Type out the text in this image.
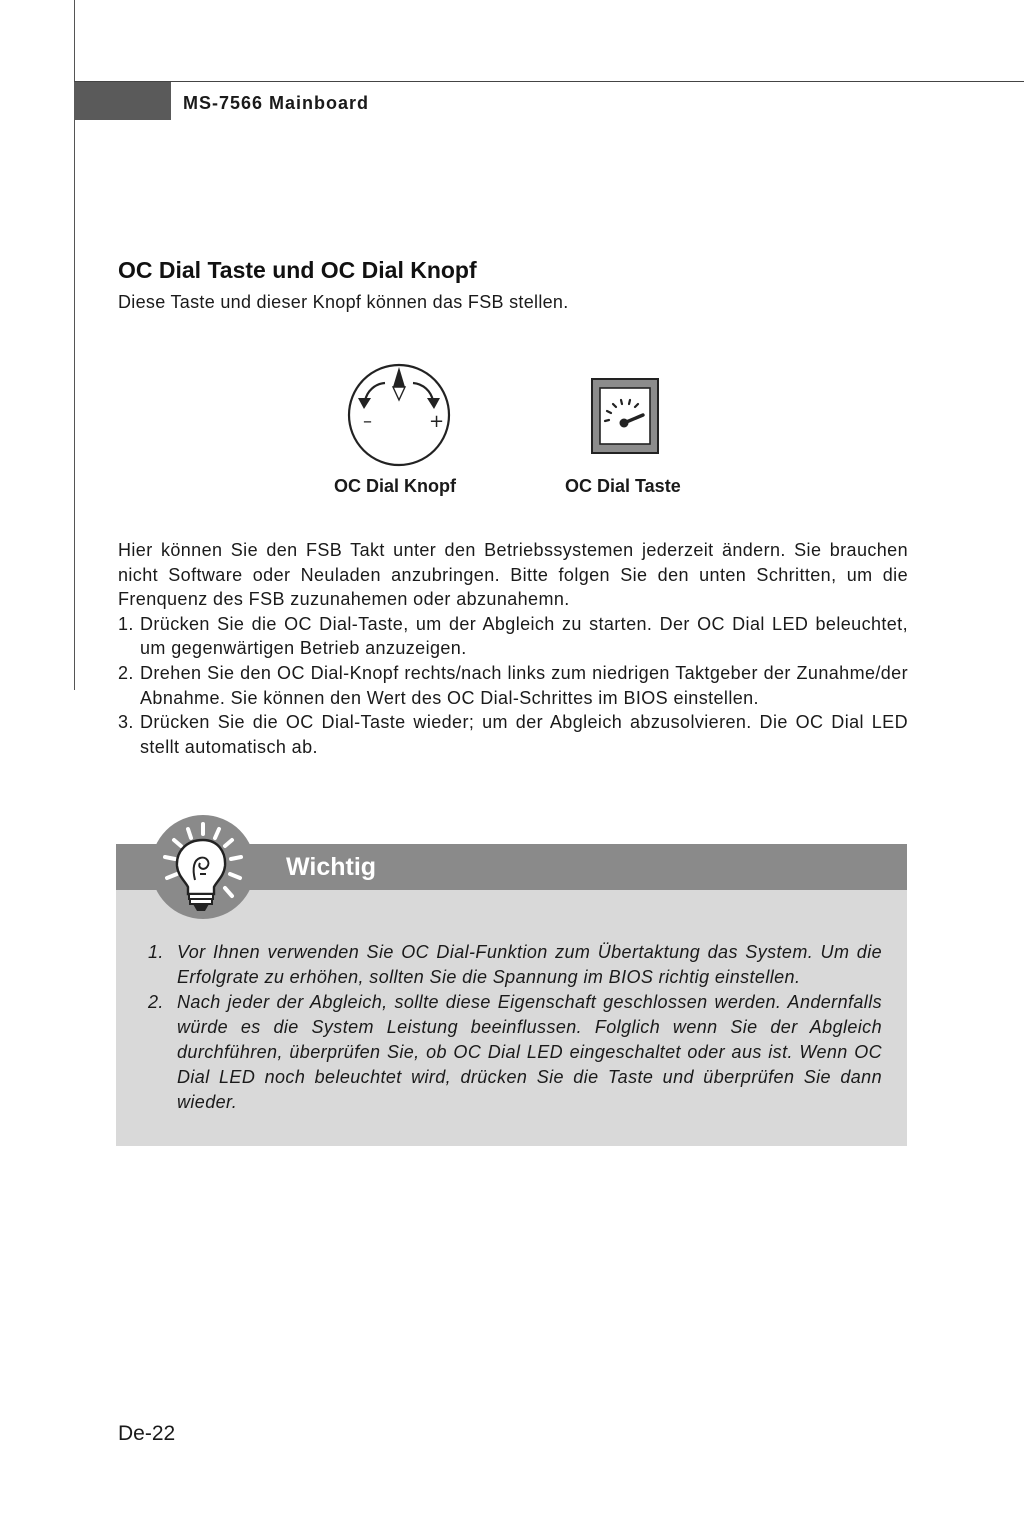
MS-7566 Mainboard
OC Dial Taste und OC Dial Knopf
Diese Taste und dieser Knopf können das FSB stellen.
–	+
OC Dial Knopf	OC Dial Taste

Hier können Sie den FSB Takt unter den Betriebssystemen jederzeit ändern. Sie brauchen nicht Software oder Neuladen anzubringen. Bitte folgen Sie den unten Schritten, um die Frenquenz des FSB zuzunahemen oder abzunahemn.

1. Drücken Sie die OC Dial-Taste, um der Abgleich zu starten. Der OC Dial LED beleuchtet, um gegenwärtigen Betrieb anzuzeigen.
2. Drehen Sie den OC Dial-Knopf rechts/nach links zum niedrigen Taktgeber der Zunahme/der Abnahme. Sie können den Wert des OC Dial-Schrittes im BIOS einstellen.
3. Drücken Sie die OC Dial-Taste wieder; um der Abgleich abzusolvieren. Die OC Dial LED stellt automatisch ab.
Wichtig
1. Vor Ihnen verwenden Sie OC Dial-Funktion zum Übertaktung das System. Um die Erfolgrate zu erhöhen, sollten Sie die Spannung im BIOS richtig einstellen.
2. Nach jeder der Abgleich, sollte diese Eigenschaft geschlossen werden. Andernfalls würde es die System Leistung beeinflussen. Folglich wenn Sie der Abgleich durchführen, überprüfen Sie, ob OC Dial LED eingeschaltet oder aus ist. Wenn OC Dial LED noch beleuchtet wird, drücken Sie die Taste und überprüfen Sie dann wieder.
De-22
